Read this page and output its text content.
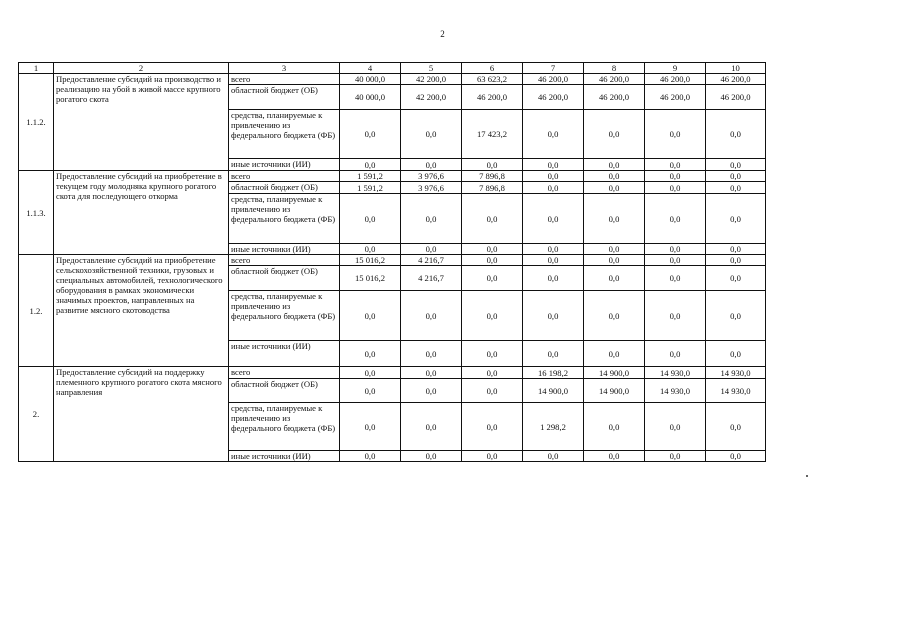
2
1	2	3	4	5	6	7	8	9	10
1.1.2.	Предоставление субсидий на производство и реализацию на убой в живой массе крупного рогатого скота	всего	40 000,0	42 200,0	63 623,2	46 200,0	46 200,0	46 200,0	46 200,0
		областной бюджет (ОБ)	40 000,0	42 200,0	46 200,0	46 200,0	46 200,0	46 200,0	46 200,0
		средства, планируемые к привлечению из федерального бюджета (ФБ)	0,0	0,0	17 423,2	0,0	0,0	0,0	0,0
		иные источники (ИИ)	0,0	0,0	0,0	0,0	0,0	0,0	0,0
1.1.3.	Предоставление субсидий на приобретение в текущем году молодняка крупного рогатого скота для последующего откорма	всего	1 591,2	3 976,6	7 896,8	0,0	0,0	0,0	0,0
		областной бюджет (ОБ)	1 591,2	3 976,6	7 896,8	0,0	0,0	0,0	0,0
		средства, планируемые к привлечению из федерального бюджета (ФБ)	0,0	0,0	0,0	0,0	0,0	0,0	0,0
		иные источники (ИИ)	0,0	0,0	0,0	0,0	0,0	0,0	0,0
1.2.	Предоставление субсидий на приобретение сельскохозяйственной техники, грузовых и специальных автомобилей, технологического оборудования в рамках экономически значимых проектов, направленных на развитие мясного скотоводства	всего	15 016,2	4 216,7	0,0	0,0	0,0	0,0	0,0
		областной бюджет (ОБ)	15 016,2	4 216,7	0,0	0,0	0,0	0,0	0,0
		средства, планируемые к привлечению из федерального бюджета (ФБ)	0,0	0,0	0,0	0,0	0,0	0,0	0,0
		иные источники (ИИ)	0,0	0,0	0,0	0,0	0,0	0,0	0,0
2.	Предоставление субсидий на поддержку племенного крупного рогатого скота мясного направления	всего	0,0	0,0	0,0	16 198,2	14 900,0	14 930,0	14 930,0
		областной бюджет (ОБ)	0,0	0,0	0,0	14 900,0	14 900,0	14 930,0	14 930,0
		средства, планируемые к привлечению из федерального бюджета (ФБ)	0,0	0,0	0,0	1 298,2	0,0	0,0	0,0
		иные источники (ИИ)	0,0	0,0	0,0	0,0	0,0	0,0	0,0
